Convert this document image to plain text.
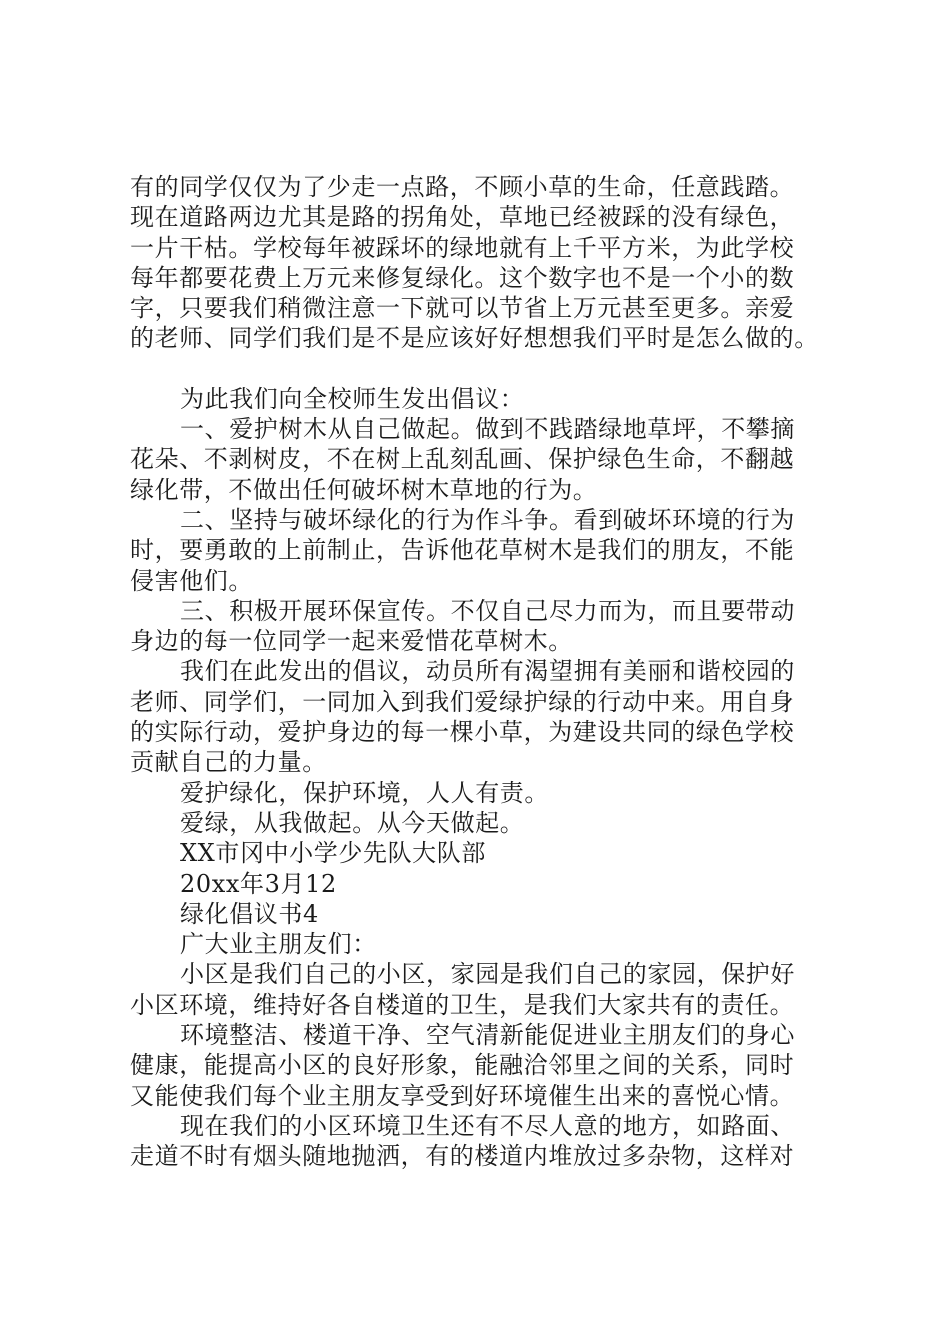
有的同学仅仅为了少走一点路，不顾小草的生命，任意践踏。
现在道路两边尤其是路的拐角处，草地已经被踩的没有绿色，
一片干枯。学校每年被踩坏的绿地就有上千平方米，为此学校
每年都要花费上万元来修复绿化。这个数字也不是一个小的数
字，只要我们稍微注意一下就可以节省上万元甚至更多。亲爱
的老师、同学们我们是不是应该好好想想我们平时是怎么做的。
为此我们向全校师生发出倡议：
一、爱护树木从自己做起。做到不践踏绿地草坪，不攀摘
花朵、不剥树皮，不在树上乱刻乱画、保护绿色生命，不翻越
绿化带，不做出任何破坏树木草地的行为。
二、坚持与破坏绿化的行为作斗争。看到破坏环境的行为
时，要勇敢的上前制止，告诉他花草树木是我们的朋友，不能
侵害他们。
三、积极开展环保宣传。不仅自己尽力而为，而且要带动
身边的每一位同学一起来爱惜花草树木。
我们在此发出的倡议，动员所有渴望拥有美丽和谐校园的
老师、同学们，一同加入到我们爱绿护绿的行动中来。用自身
的实际行动，爱护身边的每一棵小草，为建设共同的绿色学校
贡献自己的力量。
爱护绿化，保护环境，人人有责。
爱绿，从我做起。从今天做起。
XX市冈中小学少先队大队部
20xx年3月12
绿化倡议书4
广大业主朋友们：
小区是我们自己的小区，家园是我们自己的家园，保护好
小区环境，维持好各自楼道的卫生，是我们大家共有的责任。
环境整洁、楼道干净、空气清新能促进业主朋友们的身心
健康，能提高小区的良好形象，能融洽邻里之间的关系，同时
又能使我们每个业主朋友享受到好环境催生出来的喜悦心情。
现在我们的小区环境卫生还有不尽人意的地方，如路面、
走道不时有烟头随地抛洒，有的楼道内堆放过多杂物，这样对
